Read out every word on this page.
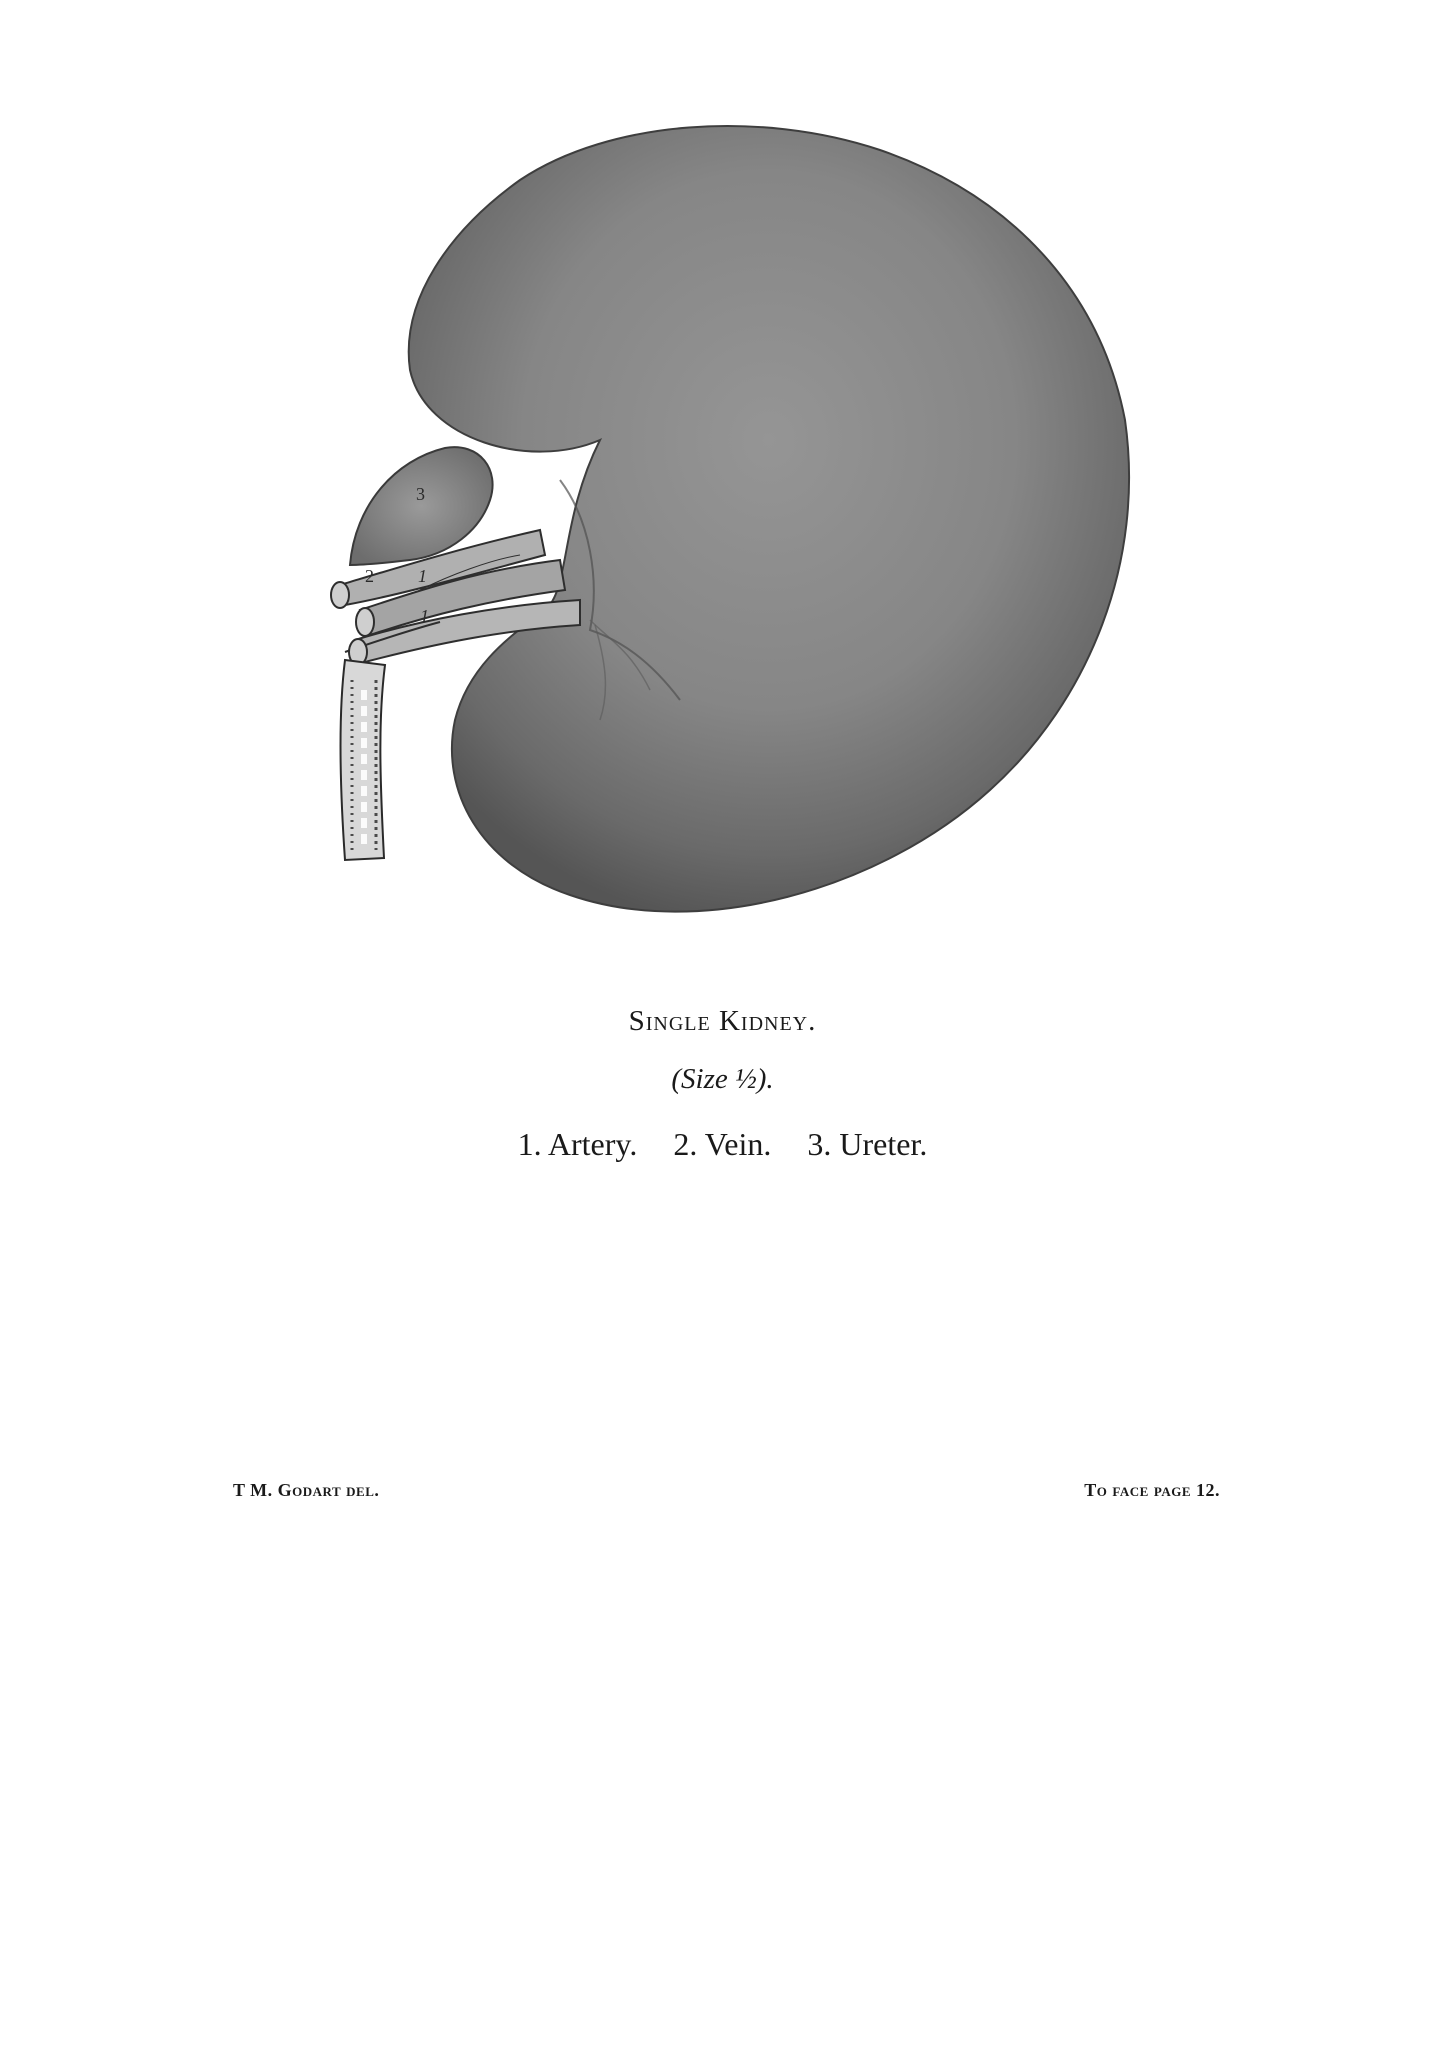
3
2 1
1
Single Kidney.
(Size ½).
1. Artery. 2. Vein. 3. Ureter.
T M. Godart del.	To face page 12.
